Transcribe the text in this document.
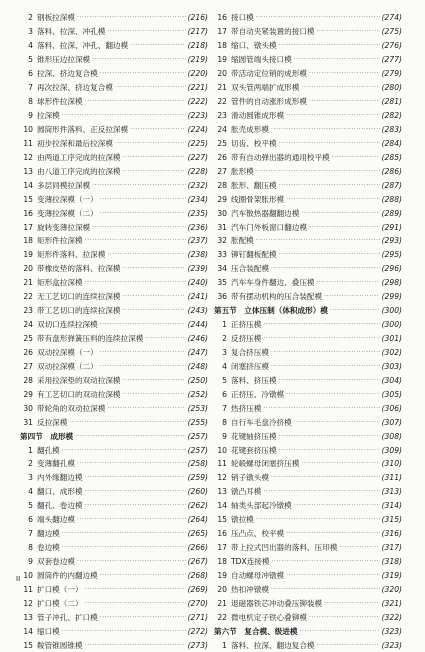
2 钢板拉深模 ·····	(216)
3 落料、拉深、冲孔模 ·····	(217)
4 落料、拉深、冲孔、翻边模 ·····	(218)
5 锥形压边拉深模 ·····	(219)
6 拉深、挤边复合模 ·····	(220)
7 再次拉深、挤边复合模 ·····	(221)
8 球形件拉深模 ·····	(222)
9 拉深模 ·····	(223)
10 圆筒形件落料、正反拉深模 ·····	(224)
11 初步拉深和最后拉深模 ·····	(225)
12 由两道工序完成的拉深模 ·····	(227)
13 由八道工序完成的拉深模 ·····	(228)
14 多层同模拉深模 ·····	(232)
15 变薄拉深模（一） ·····	(234)
16 变薄拉深模（二） ·····	(235)
17 旋转变薄拉深模 ·····	(236)
18 矩形件拉深模 ·····	(237)
19 矩形件落料、拉深模 ·····	(238)
20 带橡皮垫的落料、拉深模 ·····	(239)
21 矩形盒拉深模 ·····	(240)
22 无工艺切口的连续拉深模 ·····	(241)
23 带工艺切口的连续拉深模 ·····	(243)
24 双切口连续拉深模 ·····	(244)
25 带有盘形弹簧压料的连续拉深模 ·····	(246)
26 双动拉深模（一） ·····	(247)
27 双动拉深模（二） ·····	(248)
28 采用拉深垫的双动拉深模 ·····	(250)
29 有工艺切口的双动拉深模 ·····	(252)
30 带轮角的双动拉深模 ·····	(253)
31 反拉深模 ·····	(255)
第四节　成形模 ·····	(257)
1 翻孔模 ·····	(257)
2 变薄翻孔模 ·····	(258)
3 内外缘翻边模 ·····	(259)
4 翻口、成形模 ·····	(260)
5 翻孔、卷边模 ·····	(262)
6 端头翻边模 ·····	(264)
7 翻边模 ·····	(265)
8 卷边模 ·····	(266)
9 双套卷边模 ·····	(267)
10 圆筒件的内翻边模 ·····	(268)
11 扩口模（一） ·····	(269)
12 扩口模（二） ·····	(270)
13 管子冲孔、扩口模 ·····	(271)
14 缩口模 ·····	(272)
15 鞍管锥圆锥模 ·····	(273)
16 接口模 ·····	(274)
17 带自动夹紧装置的接口模 ·····	(275)
18 缩口、镦头模 ·····	(276)
19 缩圆管端头接口模 ·····	(277)
20 带活动定位销的成形模 ·····	(279)
21 双头管两端扩成形模 ·····	(280)
22 管件的自动涨形成形模 ·····	(281)
23 滑动圆锥成形模 ·····	(282)
24 胀壳成形模 ·····	(283)
25 切齿、校平模 ·····	(284)
26 带有自动弹出器的通用校平模 ·····	(285)
27 胀形模 ·····	(286)
28 胀形、翻压模 ·····	(287)
29 线圈骨架胀形模 ·····	(288)
30 汽车散热器翻翻边模 ·····	(289)
31 汽车门外板窗口翻边模 ·····	(291)
32 胀配模 ·····	(293)
33 铆钉翻板配模 ·····	(295)
34 压合装配模 ·····	(296)
35 汽车车身件翻边、叠压模 ·····	(298)
36 带有摆动机构的压合装配模 ·····	(299)
第五节　立体压制（体积成形）模 ·····	(300)
1 正挤压模 ·····	(300)
2 反挤压模 ·····	(301)
3 复合挤压模 ·····	(302)
4 闭塞挤压模 ·····	(303)
5 落料、挤压模 ·····	(304)
6 正挤压、冷镦模 ·····	(305)
7 热挤压模 ·····	(306)
8 自行车毛盘冷挤模 ·····	(307)
9 花键轴挤压模 ·····	(308)
10 花键套挤压模 ·····	(309)
11 轮毂螺母闭塞挤压模 ·····	(310)
12 销子镦头模 ·····	(311)
13 镦凸耳模 ·····	(313)
14 轴类头部起冷镦模 ·····	(314)
15 镦拉模 ·····	(315)
16 压凸点、校平模 ·····	(316)
17 带上拉式凹出器的落料、压印模 ·····	(317)
18 TDX连接模 ·····	(318)
19 自动螺母冲镦模 ·····	(319)
20 热扣冲镦模 ·····	(320)
21 退磁器铁芯冲动叠压铆装模 ·····	(321)
22 微电机定子铁心叠铆模 ·····	(322)
第六节　复合模、级进模 ·····	(323)
1 落料、拉深、翻边复合模 ·····	(323)
II
